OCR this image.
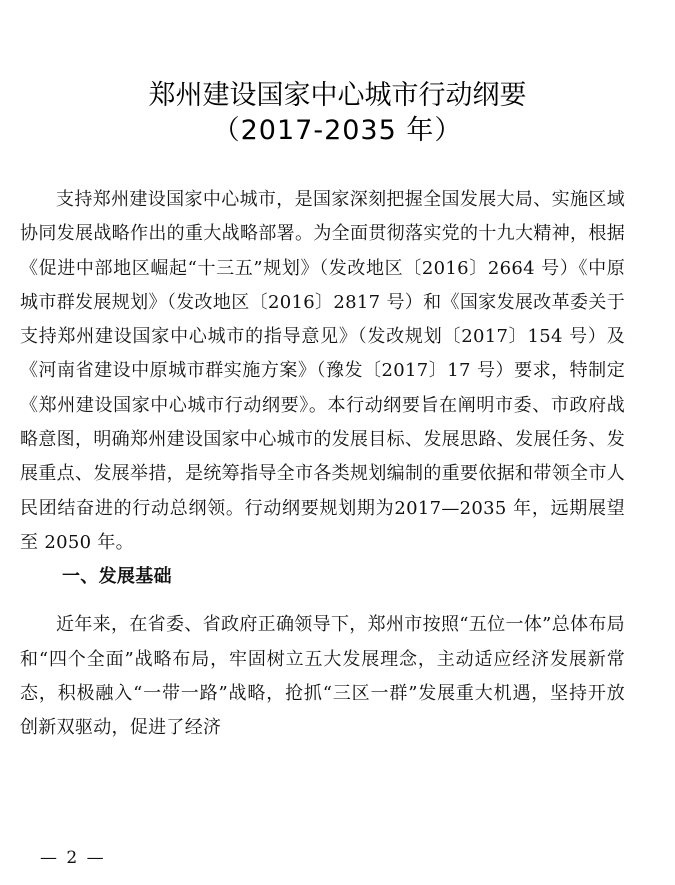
郑州建设国家中心城市行动纲要
（2017-2035 年）

支持郑州建设国家中心城市，是国家深刻把握全国发展大局、实施区域协同发展战略作出的重大战略部署。为全面贯彻落实党的十九大精神，根据《促进中部地区崛起“十三五”规划》（发改地区〔2016〕2664 号）《中原城市群发展规划》（发改地区〔2016〕2817 号）和《国家发展改革委关于支持郑州建设国家中心城市的指导意见》（发改规划〔2017〕154 号）及《河南省建设中原城市群实施方案》（豫发〔2017〕17 号）要求，特制定《郑州建设国家中心城市行动纲要》。本行动纲要旨在阐明市委、市政府战略意图，明确郑州建设国家中心城市的发展目标、发展思路、发展任务、发展重点、发展举措，是统筹指导全市各类规划编制的重要依据和带领全市人民团结奋进的行动总纲领。行动纲要规划期为2017—2035 年，远期展望至 2050 年。

一、发展基础

近年来，在省委、省政府正确领导下，郑州市按照“五位一体”总体布局和“四个全面”战略布局，牢固树立五大发展理念，主动适应经济发展新常态，积极融入“一带一路”战略，抢抓“三区一群”发展重大机遇，坚持开放创新双驱动，促进了经济

— 2 —
